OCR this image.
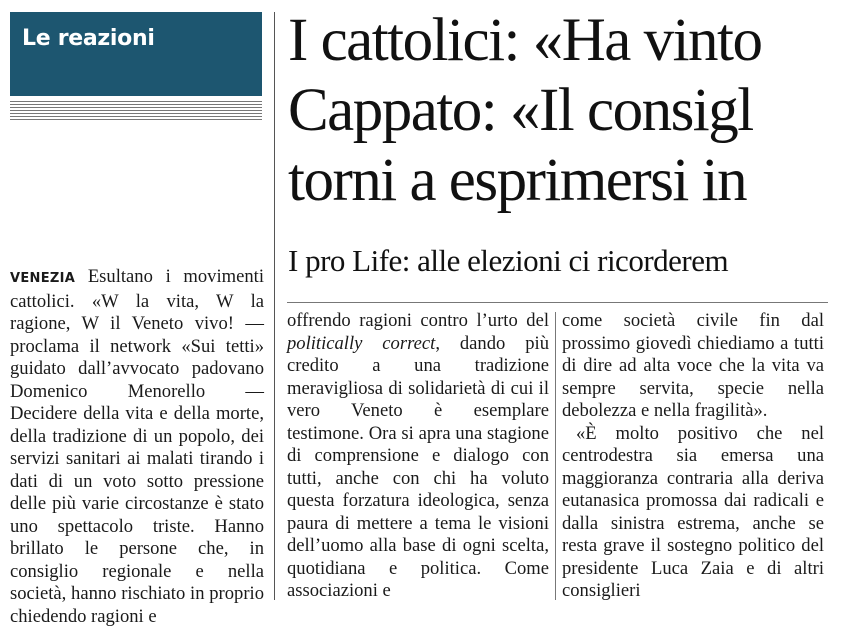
Le reazioni I cattolici: «Ha vinto
Cappato: «Il consigl
torni a esprimersi in
I pro Life: alle elezioni ci ricorderem

VENEZIA Esultano i movimenti cattolici. «W la vita, W la ragione, W il Veneto vivo! — proclama il network «Sui tetti» guidato dall’avvocato padovano Domenico Menorello — Decidere della vita e della morte, della tradizione di un popolo, dei servizi sanitari ai malati tirando i dati di un voto sotto pressione delle più varie circostanze è stato uno spettacolo triste. Hanno brillato le persone che, in consiglio regionale e nella società, hanno rischiato in proprio chiedendo ragioni e

offrendo ragioni contro l’urto del politically correct, dando più credito a una tradizione meravigliosa di solidarietà di cui il vero Veneto è esemplare testimone. Ora si apra una stagione di comprensione e dialogo con tutti, anche con chi ha voluto questa forzatura ideologica, senza paura di mettere a tema le visioni dell’uomo alla base di ogni scelta, quotidiana e politica. Come associazioni e

come società civile fin dal prossimo giovedì chiediamo a tutti di dire ad alta voce che la vita va sempre servita, specie nella debolezza e nella fragilità».

«È molto positivo che nel centrodestra sia emersa una maggioranza contraria alla deriva eutanasica promossa dai radicali e dalla sinistra estrema, anche se resta grave il sostegno politico del presidente Luca Zaia e di altri consiglieri
